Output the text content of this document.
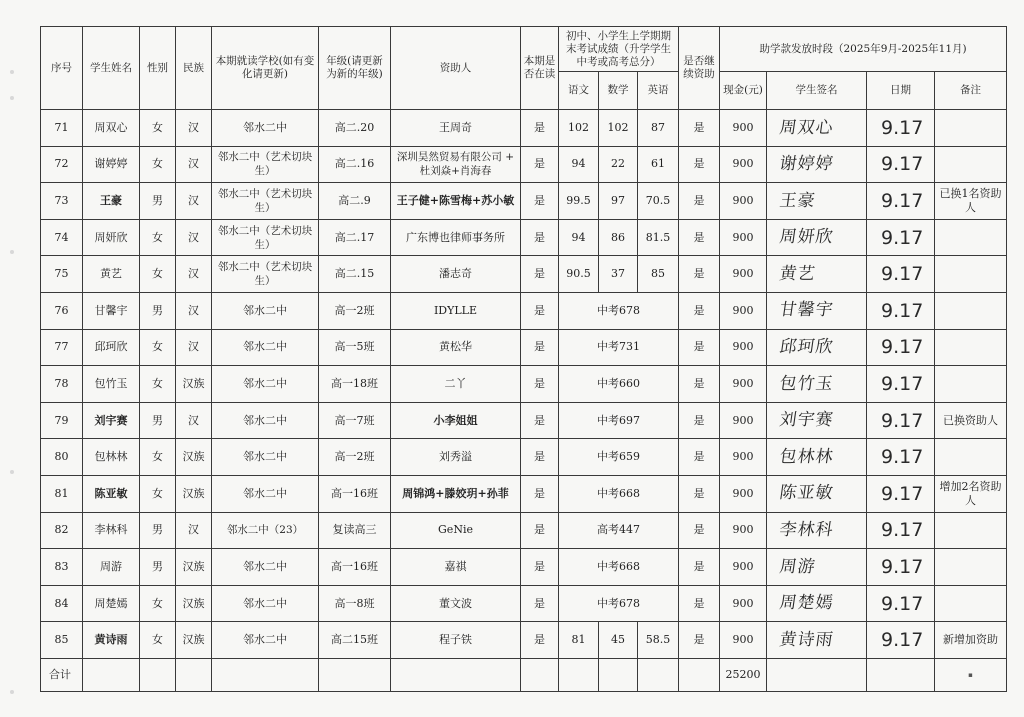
序号	学生姓名	性别	民族	本期就读学校(如有变化请更新)	年级(请更新为新的年级)	资助人	本期是否在读	初中、小学生上学期期末考试成绩（升学学生中考或高考总分）			是否继续资助	助学款发放时段（2025年9月-2025年11月)			
								语文	数学	英语		现金(元)	学生签名	日期	备注
71	周双心	女	汉	邻水二中	高二.20	王周奇	是	102	102	87	是	900	周双心	9.17	
72	谢婷婷	女	汉	邻水二中（艺术切块生）	高二.16	深圳昊然贸易有限公司 + 杜刘焱+肖海春	是	94	22	61	是	900	谢婷婷	9.17	
73	王豪	男	汉	邻水二中（艺术切块生）	高二.9	王子健+陈雪梅+苏小敏	是	99.5	97	70.5	是	900	王豪	9.17	已换1名资助人
74	周妍欣	女	汉	邻水二中（艺术切块生）	高二.17	广东博也律师事务所	是	94	86	81.5	是	900	周妍欣	9.17	
75	黄艺	女	汉	邻水二中（艺术切块生）	高二.15	潘志奇	是	90.5	37	85	是	900	黄艺	9.17	
76	甘馨宇	男	汉	邻水二中	高一2班	IDYLLE	是	中考678			是	900	甘馨宇	9.17	
77	邱珂欣	女	汉	邻水二中	高一5班	黄松华	是	中考731			是	900	邱珂欣	9.17	
78	包竹玉	女	汉族	邻水二中	高一18班	二丫	是	中考660			是	900	包竹玉	9.17	
79	刘宇赛	男	汉	邻水二中	高一7班	小李姐姐	是	中考697			是	900	刘宇赛	9.17	已换资助人
80	包林林	女	汉族	邻水二中	高一2班	刘秀溢	是	中考659			是	900	包林林	9.17	
81	陈亚敏	女	汉族	邻水二中	高一16班	周锦鸿+滕姣玥+孙菲	是	中考668			是	900	陈亚敏	9.17	增加2名资助人
82	李林科	男	汉	邻水二中（23）	复读高三	GeNie	是	高考447			是	900	李林科	9.17	
83	周游	男	汉族	邻水二中	高一16班	嘉祺	是	中考668			是	900	周游	9.17	
84	周楚嫣	女	汉族	邻水二中	高一8班	董文波	是	中考678			是	900	周楚嫣	9.17	
85	黄诗雨	女	汉族	邻水二中	高二15班	程子铁	是	81	45	58.5	是	900	黄诗雨	9.17	新增加资助
合计												25200			▪
